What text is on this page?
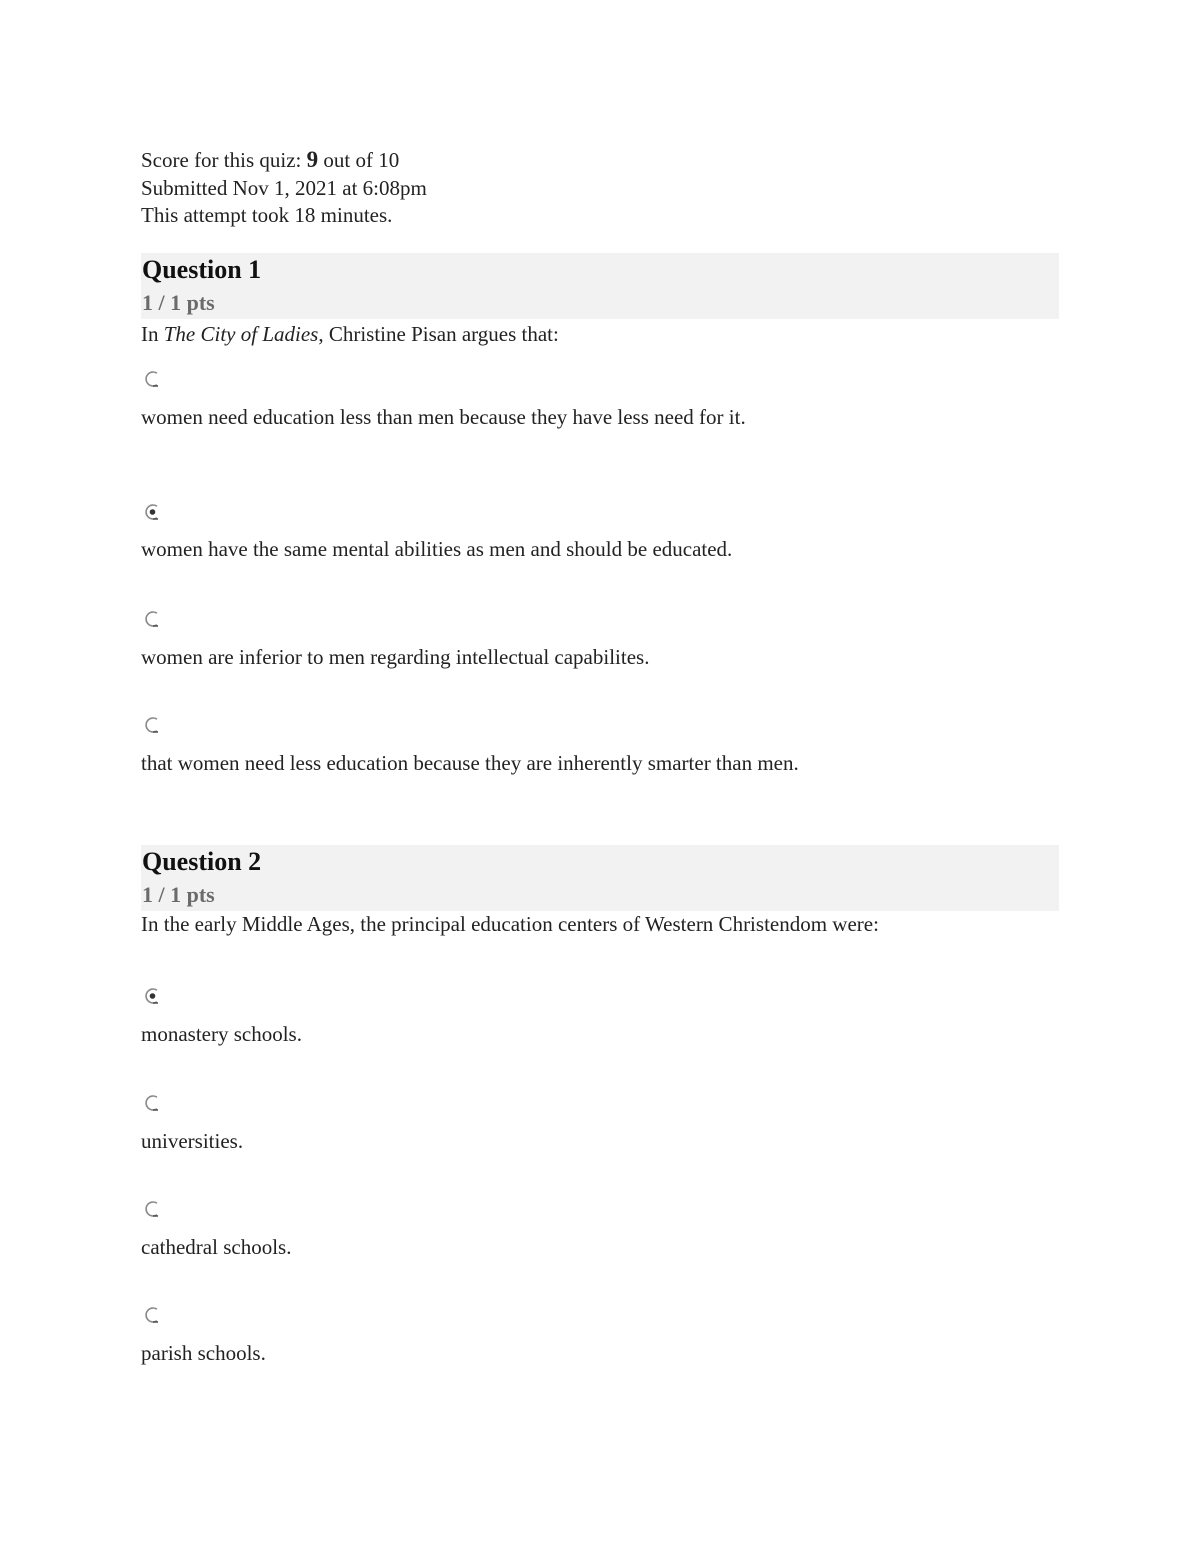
Score for this quiz: 9 out of 10
Submitted Nov 1, 2021 at 6:08pm
This attempt took 18 minutes.
Question 1
1 / 1 pts
In The City of Ladies, Christine Pisan argues that:
women need education less than men because they have less need for it.
women have the same mental abilities as men and should be educated.
women are inferior to men regarding intellectual capabilites.
that women need less education because they are inherently smarter than men.
Question 2
1 / 1 pts
In the early Middle Ages, the principal education centers of Western Christendom were:
monastery schools.
universities.
cathedral schools.
parish schools.
